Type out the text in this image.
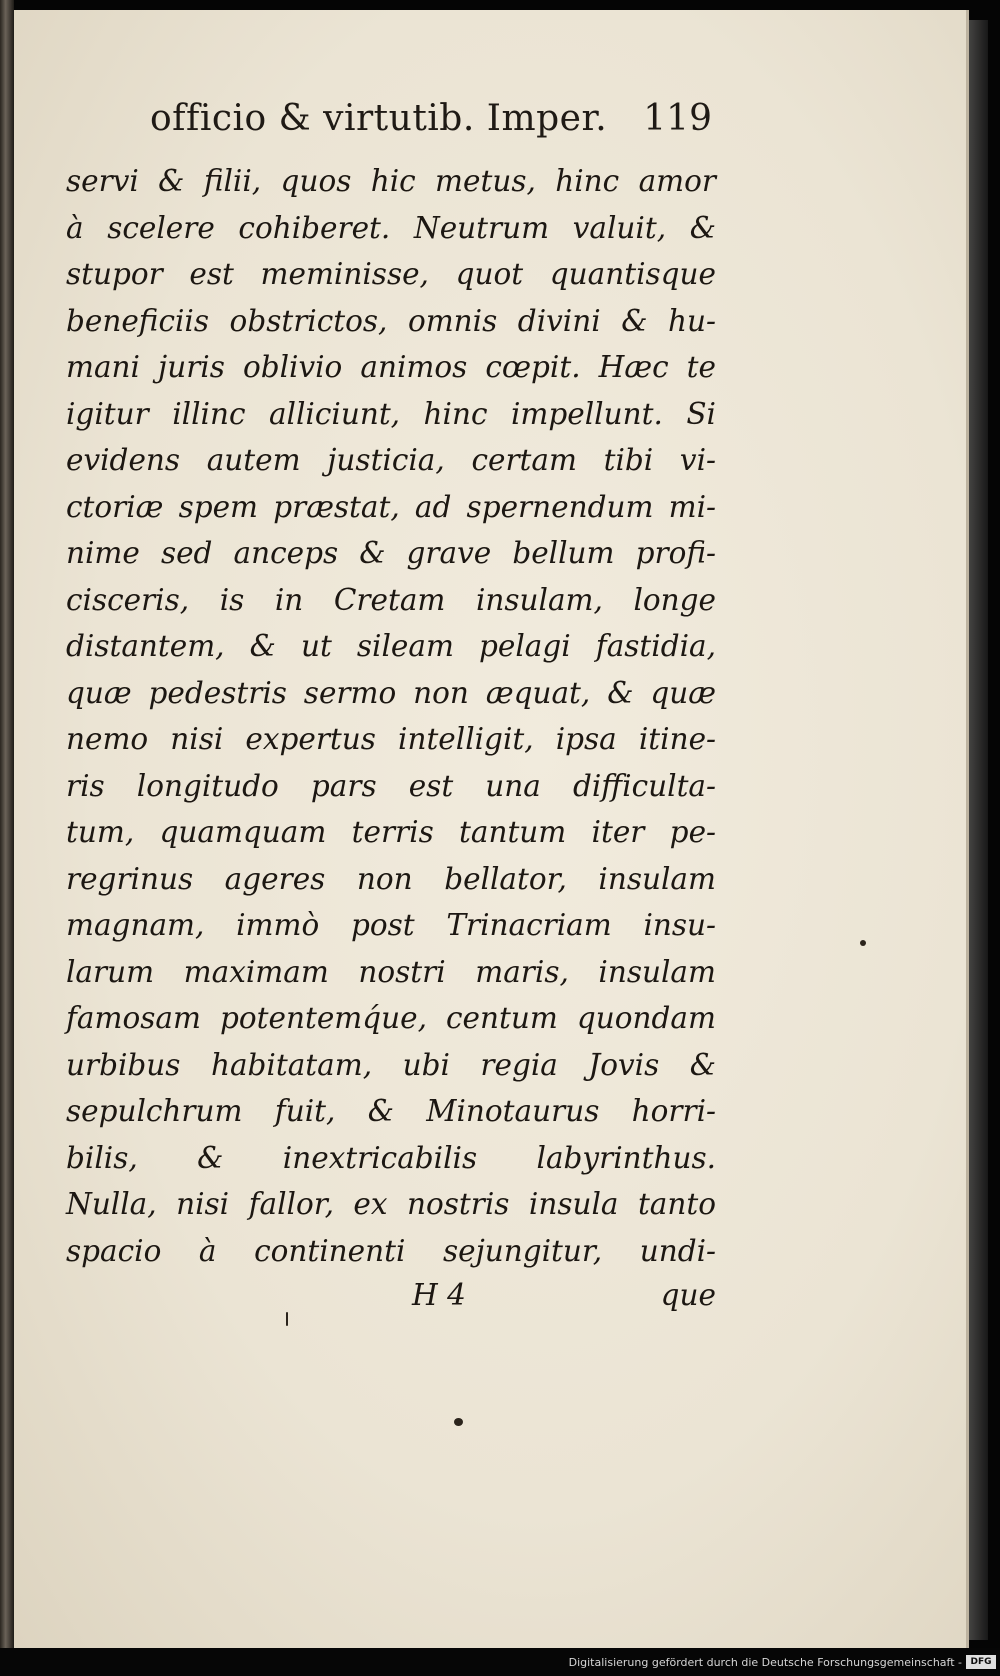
officio & virtutib. Imper. 119
servi & filii, quos hic metus, hinc amor
à scelere cohiberet. Neutrum valuit, &
stupor est meminisse, quot quantisque
beneficiis obstrictos, omnis divini & hu-
mani juris oblivio animos cœpit. Hæc te
igitur illinc alliciunt, hinc impellunt. Si
evidens autem justicia, certam tibi vi-
ctoriæ spem præstat, ad spernendum mi-
nime sed anceps & grave bellum profi-
cisceris, is in Cretam insulam, longe
distantem, & ut sileam pelagi fastidia,
quæ pedestris sermo non æquat, & quæ
nemo nisi expertus intelligit, ipsa itine-
ris longitudo pars est una difficulta-
tum, quamquam terris tantum iter pe-
regrinus ageres non bellator, insulam
magnam, immò post Trinacriam insu-
larum maximam nostri maris, insulam
famosam potentemq́ue, centum quondam
urbibus habitatam, ubi regia Jovis &
sepulchrum fuit, & Minotaurus horri-
bilis, & inextricabilis labyrinthus.
Nulla, nisi fallor, ex nostris insula tanto
spacio à continenti sejungitur, undi-
H 4	que
Digitalisierung gefördert durch die Deutsche Forschungsgemeinschaft - DFG
